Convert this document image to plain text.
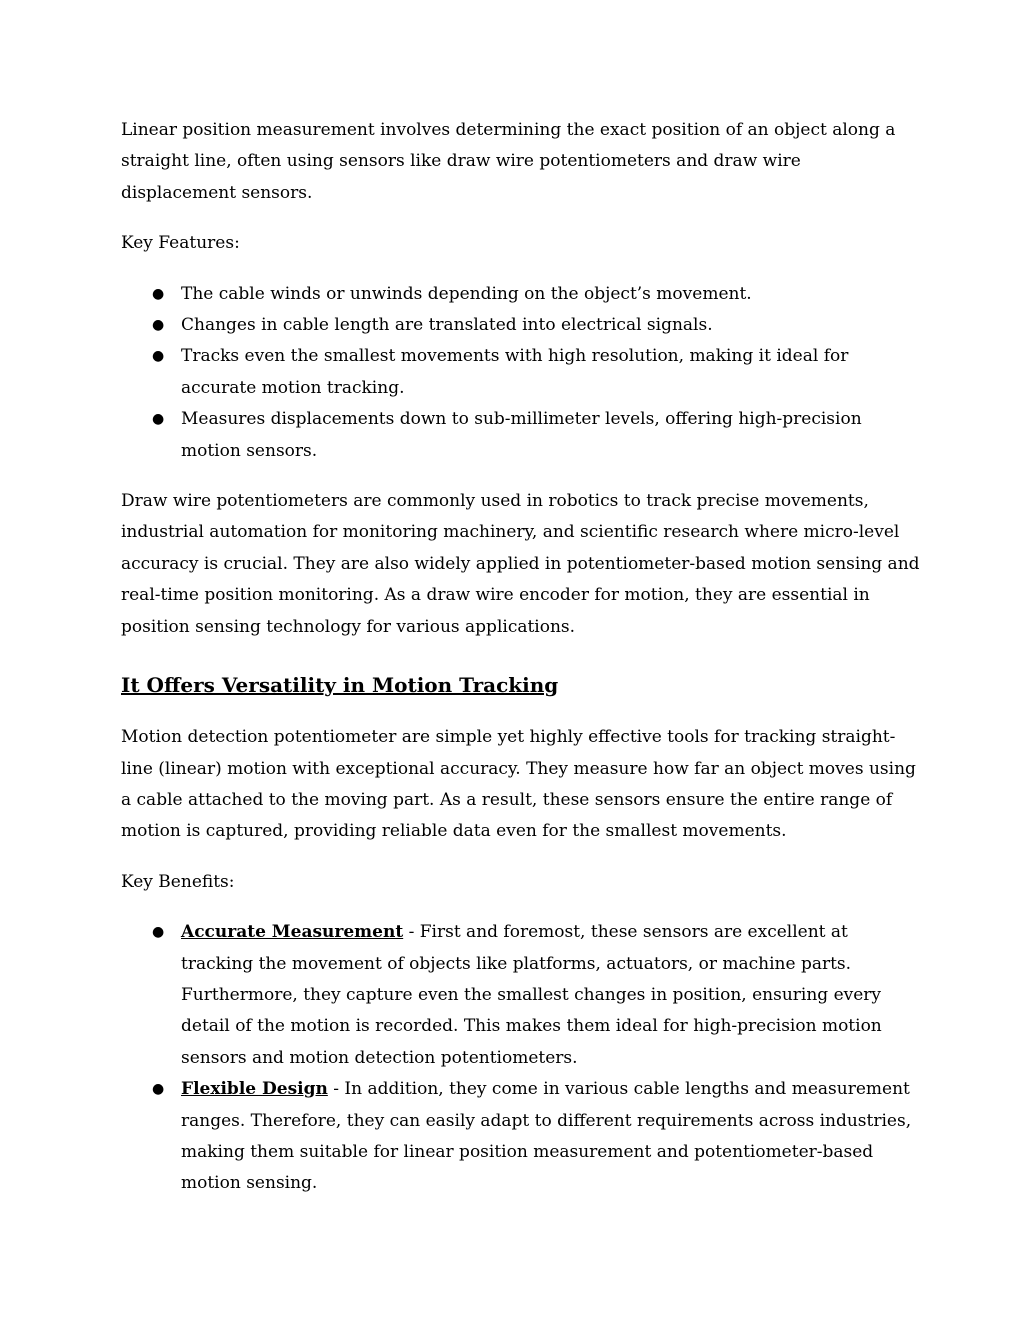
Linear position measurement involves determining the exact position of an object along a straight line, often using sensors like draw wire potentiometers and draw wire displacement sensors.

Key Features:

● The cable winds or unwinds depending on the object’s movement.
● Changes in cable length are translated into electrical signals.
● Tracks even the smallest movements with high resolution, making it ideal for accurate motion tracking.
● Measures displacements down to sub-millimeter levels, offering high-precision motion sensors.

Draw wire potentiometers are commonly used in robotics to track precise movements, industrial automation for monitoring machinery, and scientific research where micro-level accuracy is crucial. They are also widely applied in potentiometer-based motion sensing and real-time position monitoring. As a draw wire encoder for motion, they are essential in position sensing technology for various applications.

It Offers Versatility in Motion Tracking

Motion detection potentiometer are simple yet highly effective tools for tracking straight-line (linear) motion with exceptional accuracy. They measure how far an object moves using a cable attached to the moving part. As a result, these sensors ensure the entire range of motion is captured, providing reliable data even for the smallest movements.

Key Benefits:

● Accurate Measurement - First and foremost, these sensors are excellent at tracking the movement of objects like platforms, actuators, or machine parts. Furthermore, they capture even the smallest changes in position, ensuring every detail of the motion is recorded. This makes them ideal for high-precision motion sensors and motion detection potentiometers.
● Flexible Design - In addition, they come in various cable lengths and measurement ranges. Therefore, they can easily adapt to different requirements across industries, making them suitable for linear position measurement and potentiometer-based motion sensing.
